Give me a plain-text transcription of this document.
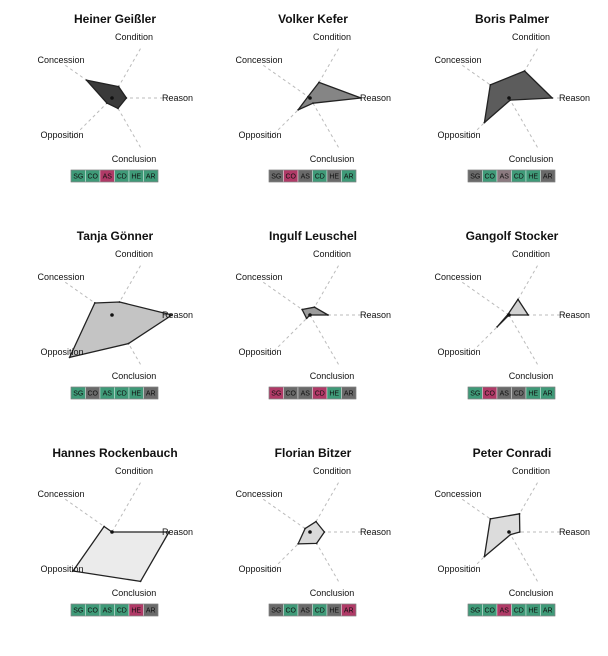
Heiner Geißler
Condition
Reason
Conclusion
Opposition
Concession
SG CO AS CD HE AR
Volker Kefer
Condition
Reason
Conclusion
Opposition
Concession
SG CO AS CD HE AR
Boris Palmer
Condition
Reason
Conclusion
Opposition
Concession
SG CO AS CD HE AR
Tanja Gönner
Condition
Reason
Conclusion
Opposition
Concession
SG CO AS CD HE AR
Ingulf Leuschel
Condition
Reason
Conclusion
Opposition
Concession
SG CO AS CD HE AR
Gangolf Stocker
Condition
Reason
Conclusion
Opposition
Concession
SG CO AS CD HE AR
Hannes Rockenbauch
Condition
Reason
Conclusion
Opposition
Concession
SG CO AS CD HE AR
Florian Bitzer
Condition
Reason
Conclusion
Opposition
Concession
SG CO AS CD HE AR
Peter Conradi
Condition
Reason
Conclusion
Opposition
Concession
SG CO AS CD HE AR
